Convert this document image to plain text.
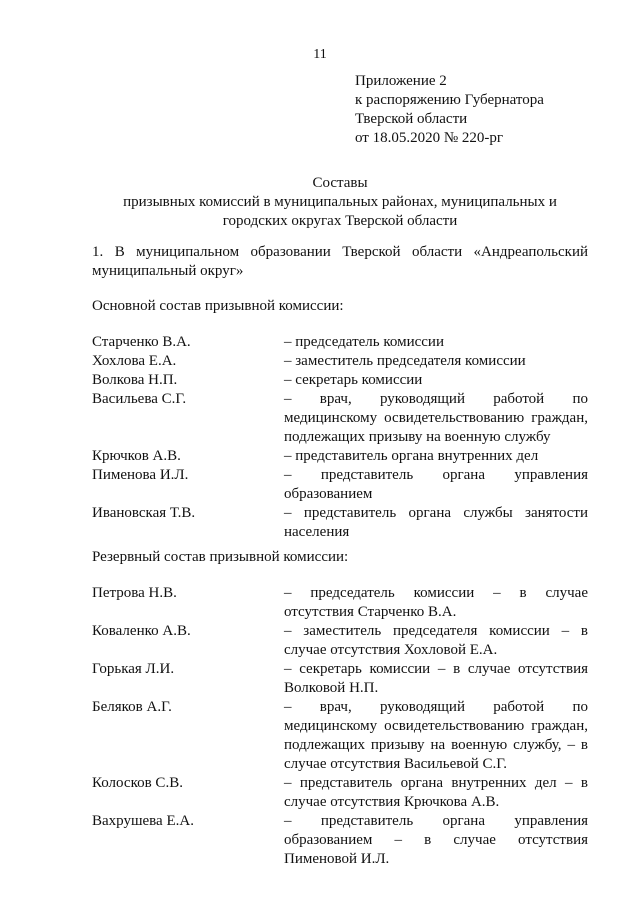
11
Приложение 2
к распоряжению Губернатора
Тверской области
от 18.05.2020 № 220-рг
Составы
призывных комиссий в муниципальных районах, муниципальных и
городских округах Тверской области
1. В муниципальном образовании Тверской области «Андреапольский муниципальный округ»
Основной состав призывной комиссии:
Старченко В.А.	– председатель комиссии
Хохлова Е.А.	– заместитель председателя комиссии
Волкова Н.П.	– секретарь комиссии
Васильева С.Г.	– врач, руководящий работой по
медицинскому освидетельствованию граждан,
подлежащих призыву на военную службу
Крючков А.В.	– представитель органа внутренних дел
Пименова И.Л.	– представитель органа управления
образованием
Ивановская Т.В.	– представитель органа службы занятости
населения
Резервный состав призывной комиссии:
Петрова Н.В.	– председатель комиссии – в случае
отсутствия Старченко В.А.
Коваленко А.В.	– заместитель председателя комиссии – в
случае отсутствия Хохловой Е.А.
Горькая Л.И.	– секретарь комиссии – в случае отсутствия
Волковой Н.П.
Беляков А.Г.	– врач, руководящий работой по
медицинскому освидетельствованию граждан,
подлежащих призыву на военную службу, – в
случае отсутствия Васильевой С.Г.
Колосков С.В.	– представитель органа внутренних дел – в
случае отсутствия Крючкова А.В.
Вахрушева Е.А.	– представитель органа управления
образованием – в случае отсутствия
Пименовой И.Л.
